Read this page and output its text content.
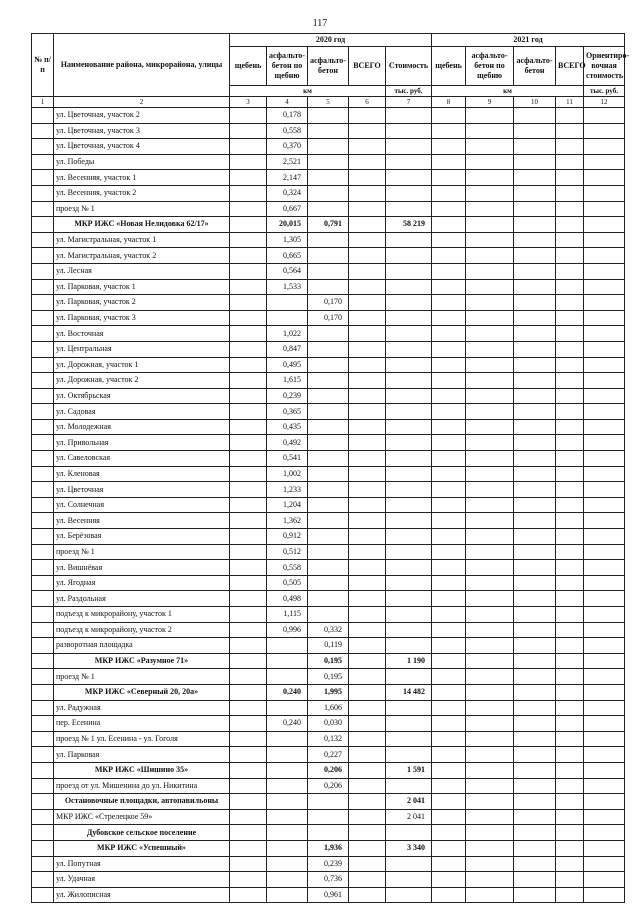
117
№ п/п	Наименование района, микрорайона, улицы	2020 год					2021 год				
		щебень	асфальто-бетон по щебню	асфальто-бетон	ВСЕГО	Стоимость	щебень	асфальто-бетон по щебню	асфальто-бетон	ВСЕГО	Ориентиро-вочная стоимость
		км				тыс. руб.	км				тыс. руб.
1	2	3	4	5	6	7	8	9	10	11	12
	ул. Цветочная, участок 2		0,178								
	ул. Цветочная, участок 3		0,558								
	ул. Цветочная, участок 4		0,370								
	ул. Победы		2,521								
	ул. Весенняя, участок 1		2,147								
	ул. Весенняя, участок 2		0,324								
	проезд № 1		0,667								
	МКР ИЖС «Новая Нелидовка 62/17»		20,015	0,791		58 219					
	ул. Магистральная, участок 1		1,305								
	ул. Магистральная, участок 2		0,665								
	ул. Лесная		0,564								
	ул. Парковая, участок 1		1,533								
	ул. Парковая, участок 2			0,170							
	ул. Парковая, участок 3			0,170							
	ул. Восточная		1,022								
	ул. Центральная		0,847								
	ул. Дорожная, участок 1		0,495								
	ул. Дорожная, участок 2		1,615								
	ул. Октябрьская		0,239								
	ул. Садовая		0,365								
	ул. Молодежная		0,435								
	ул. Привольная		0,492								
	ул. Савеловская		0,541								
	ул. Кленовая		1,002								
	ул. Цветочная		1,233								
	ул. Солнечная		1,204								
	ул. Весенняя		1,362								
	ул. Берёзовая		0,912								
	проезд № 1		0,512								
	ул. Вишнёвая		0,558								
	ул. Ягодная		0,505								
	ул. Раздольная		0,498								
	подъезд к микрорайону, участок 1		1,115								
	подъезд к микрорайону, участок 2		0,996	0,332							
	разворотная площадка			0,119							
	МКР ИЖС «Разумное 71»			0,195		1 190					
	проезд № 1			0,195							
	МКР ИЖС «Северный 20, 20а»		0,240	1,995		14 482					
	ул. Радужная			1,606							
	пер. Есенина		0,240	0,030							
	проезд № 1 ул. Есенина - ул. Гоголя			0,132							
	ул. Парковая			0,227							
	МКР ИЖС «Шишино 35»			0,206		1 591					
	проезд от ул. Мишенина до ул. Никитина			0,206							
	Остановочные площадки, автопавильоны					2 041					
	МКР ИЖС «Стрелецкое 59»					2 041					
	Дубовское сельское поселение										
	МКР ИЖС «Успешный»			1,936		3 340					
	ул. Попутная			0,239							
	ул. Удачная			0,736							
	ул. Жилописная			0,961							
